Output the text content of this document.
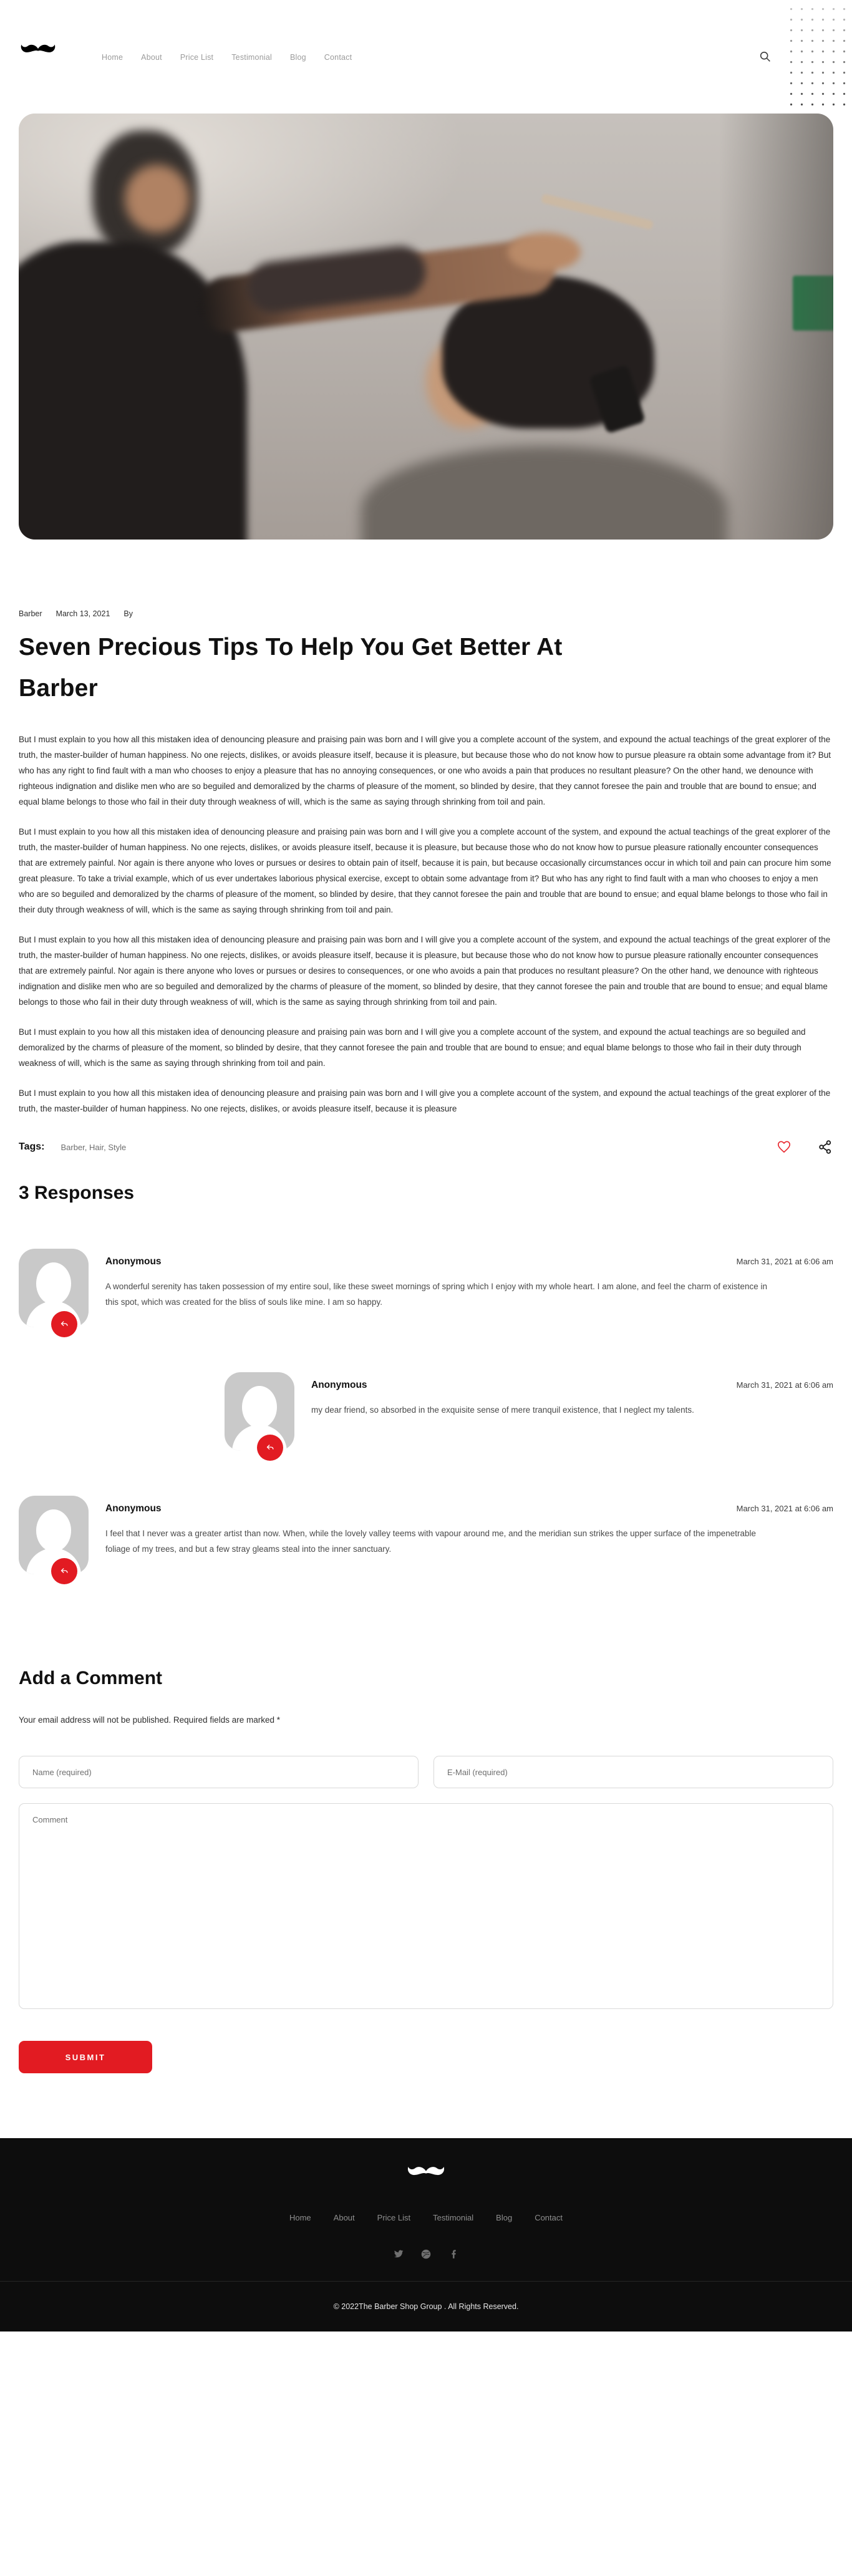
Home About Price List Testimonial Blog Contact
Barber March 13, 2021 By
Seven Precious Tips To Help You Get Better At Barber

But I must explain to you how all this mistaken idea of denouncing pleasure and praising pain was born and I will give you a complete account of the system, and expound the actual teachings of the great explorer of the truth, the master-builder of human happiness. No one rejects, dislikes, or avoids pleasure itself, because it is pleasure, but because those who do not know how to pursue pleasure ra obtain some advantage from it? But who has any right to find fault with a man who chooses to enjoy a pleasure that has no annoying consequences, or one who avoids a pain that produces no resultant pleasure? On the other hand, we denounce with righteous indignation and dislike men who are so beguiled and demoralized by the charms of pleasure of the moment, so blinded by desire, that they cannot foresee the pain and trouble that are bound to ensue; and equal blame belongs to those who fail in their duty through weakness of will, which is the same as saying through shrinking from toil and pain.

But I must explain to you how all this mistaken idea of denouncing pleasure and praising pain was born and I will give you a complete account of the system, and expound the actual teachings of the great explorer of the truth, the master-builder of human happiness. No one rejects, dislikes, or avoids pleasure itself, because it is pleasure, but because those who do not know how to pursue pleasure rationally encounter consequences that are extremely painful. Nor again is there anyone who loves or pursues or desires to obtain pain of itself, because it is pain, but because occasionally circumstances occur in which toil and pain can procure him some great pleasure. To take a trivial example, which of us ever undertakes laborious physical exercise, except to obtain some advantage from it? But who has any right to find fault with a man who chooses to enjoy a men who are so beguiled and demoralized by the charms of pleasure of the moment, so blinded by desire, that they cannot foresee the pain and trouble that are bound to ensue; and equal blame belongs to those who fail in their duty through weakness of will, which is the same as saying through shrinking from toil and pain.

But I must explain to you how all this mistaken idea of denouncing pleasure and praising pain was born and I will give you a complete account of the system, and expound the actual teachings of the great explorer of the truth, the master-builder of human happiness. No one rejects, dislikes, or avoids pleasure itself, because it is pleasure, but because those who do not know how to pursue pleasure rationally encounter consequences that are extremely painful. Nor again is there anyone who loves or pursues or desires to consequences, or one who avoids a pain that produces no resultant pleasure? On the other hand, we denounce with righteous indignation and dislike men who are so beguiled and demoralized by the charms of pleasure of the moment, so blinded by desire, that they cannot foresee the pain and trouble that are bound to ensue; and equal blame belongs to those who fail in their duty through weakness of will, which is the same as saying through shrinking from toil and pain.

But I must explain to you how all this mistaken idea of denouncing pleasure and praising pain was born and I will give you a complete account of the system, and expound the actual teachings are so beguiled and demoralized by the charms of pleasure of the moment, so blinded by desire, that they cannot foresee the pain and trouble that are bound to ensue; and equal blame belongs to those who fail in their duty through weakness of will, which is the same as saying through shrinking from toil and pain.

But I must explain to you how all this mistaken idea of denouncing pleasure and praising pain was born and I will give you a complete account of the system, and expound the actual teachings of the great explorer of the truth, the master-builder of human happiness. No one rejects, dislikes, or avoids pleasure itself, because it is pleasure

Tags: Barber, Hair, Style
3 Responses
Anonymous	March 31, 2021 at 6:06 am

A wonderful serenity has taken possession of my entire soul, like these sweet mornings of spring which I enjoy with my whole heart. I am alone, and feel the charm of existence in this spot, which was created for the bliss of souls like mine. I am so happy.

Anonymous	March 31, 2021 at 6:06 am

my dear friend, so absorbed in the exquisite sense of mere tranquil existence, that I neglect my talents.

Anonymous	March 31, 2021 at 6:06 am

I feel that I never was a greater artist than now. When, while the lovely valley teems with vapour around me, and the meridian sun strikes the upper surface of the impenetrable foliage of my trees, and but a few stray gleams steal into the inner sanctuary.

Add a Comment

Your email address will not be published. Required fields are marked *

Name (required)
E-Mail (required)
Comment SUBMIT
Home	About	Price List	Testimonial	Blog	Contact
© 2022The Barber Shop Group . All Rights Reserved.
